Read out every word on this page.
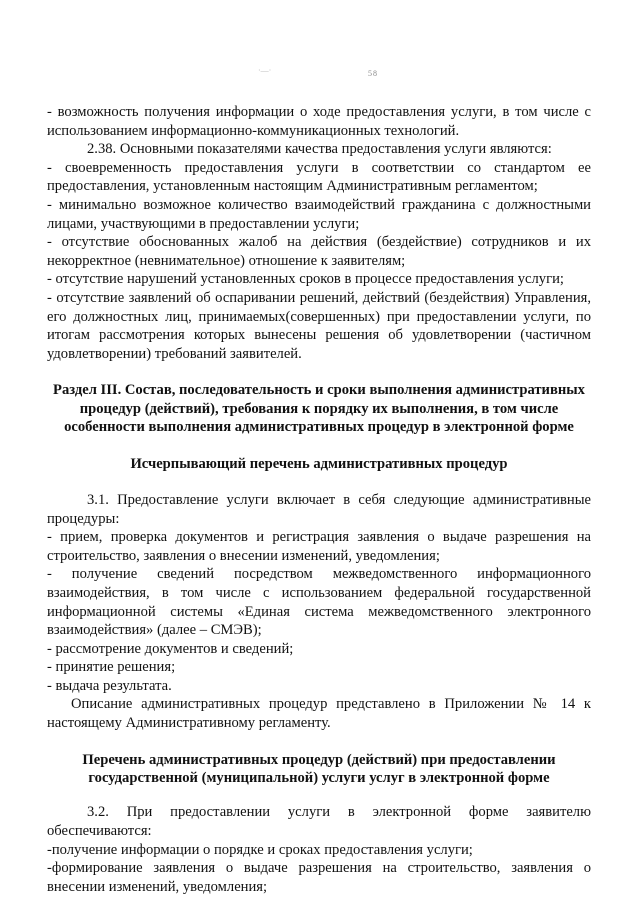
58
·—·

- возможность получения информации о ходе предоставления услуги, в том числе с использованием информационно-коммуникационных технологий.

2.38. Основными показателями качества предоставления услуги являются:

- своевременность предоставления услуги в соответствии со стандартом ее предоставления, установленным настоящим Административным регламентом;

- минимально возможное количество взаимодействий гражданина с должностными лицами, участвующими в предоставлении услуги;

- отсутствие обоснованных жалоб на действия (бездействие) сотрудников и их некорректное (невнимательное) отношение к заявителям;

- отсутствие нарушений установленных сроков в процессе предоставления услуги;

- отсутствие заявлений об оспаривании решений, действий (бездействия) Управления, его должностных лиц, принимаемых(совершенных) при предоставлении услуги, по итогам рассмотрения которых вынесены решения об удовлетворении (частичном удовлетворении) требований заявителей.

Раздел III. Состав, последовательность и сроки выполнения административных процедур (действий), требования к порядку их выполнения, в том числе особенности выполнения административных процедур в электронной форме

Исчерпывающий перечень административных процедур

3.1. Предоставление услуги включает в себя следующие административные процедуры:

- прием, проверка документов и регистрация заявления о выдаче разрешения на строительство, заявления о внесении изменений, уведомления;

- получение сведений посредством межведомственного информационного взаимодействия, в том числе с использованием федеральной государственной информационной системы «Единая система межведомственного электронного взаимодействия» (далее – СМЭВ);

- рассмотрение документов и сведений;

- принятие решения;

- выдача результата.

Описание административных процедур представлено в Приложении № 14 к настоящему Административному регламенту.

Перечень административных процедур (действий) при предоставлении государственной (муниципальной) услуги услуг в электронной форме

3.2. При предоставлении услуги в электронной форме заявителю обеспечиваются:

-получение информации о порядке и сроках предоставления услуги;

-формирование заявления о выдаче разрешения на строительство, заявления о внесении изменений, уведомления;
